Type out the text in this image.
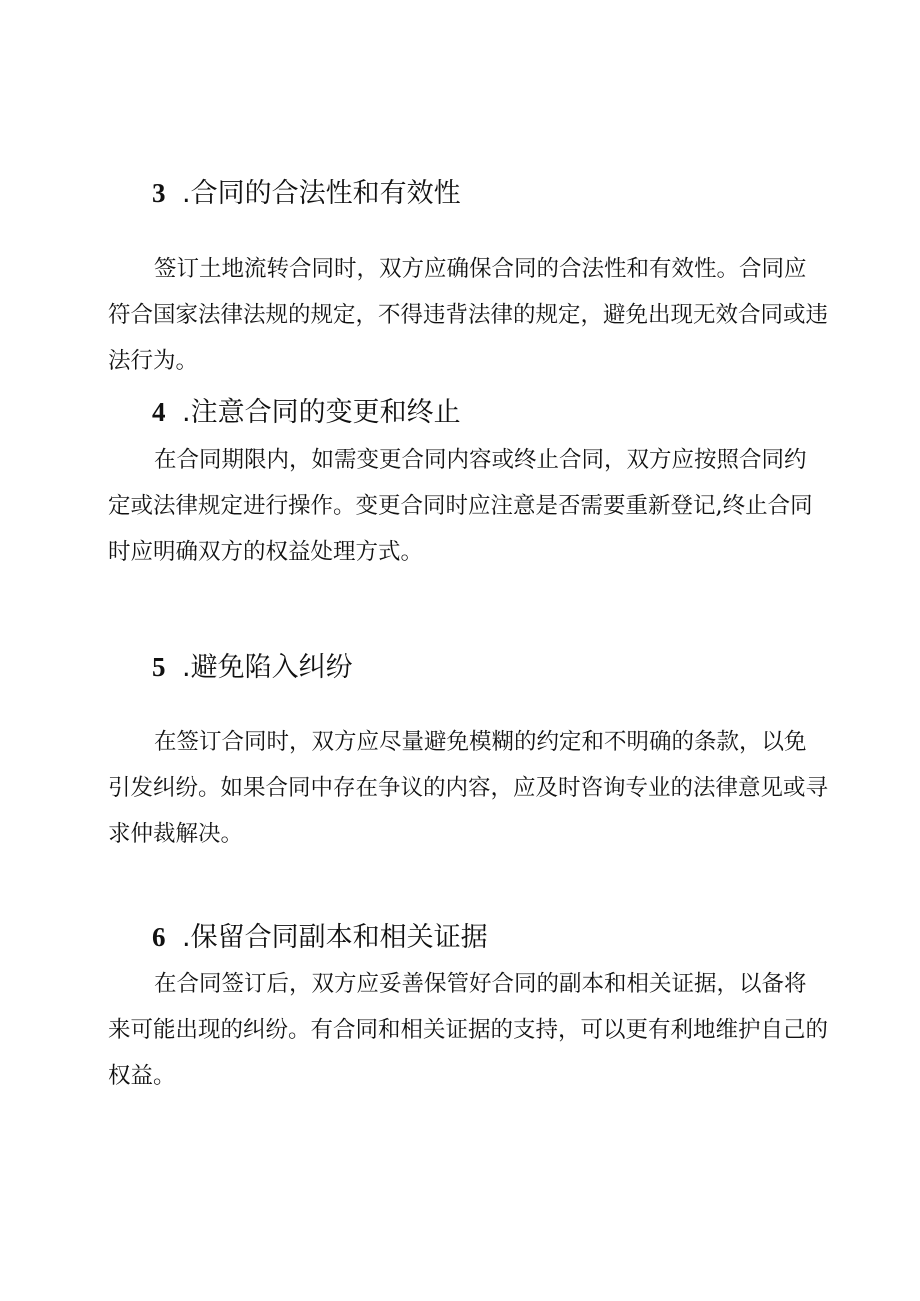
3 .合同的合法性和有效性

签订土地流转合同时，双方应确保合同的合法性和有效性。合同应符合国家法律法规的规定，不得违背法律的规定，避免出现无效合同或违法行为。

4 .注意合同的变更和终止

在合同期限内，如需变更合同内容或终止合同，双方应按照合同约定或法律规定进行操作。变更合同时应注意是否需要重新登记,终止合同时应明确双方的权益处理方式。

5 .避免陷入纠纷

在签订合同时，双方应尽量避免模糊的约定和不明确的条款，以免引发纠纷。如果合同中存在争议的内容，应及时咨询专业的法律意见或寻求仲裁解决。

6 .保留合同副本和相关证据

在合同签订后，双方应妥善保管好合同的副本和相关证据，以备将来可能出现的纠纷。有合同和相关证据的支持，可以更有利地维护自己的权益。
